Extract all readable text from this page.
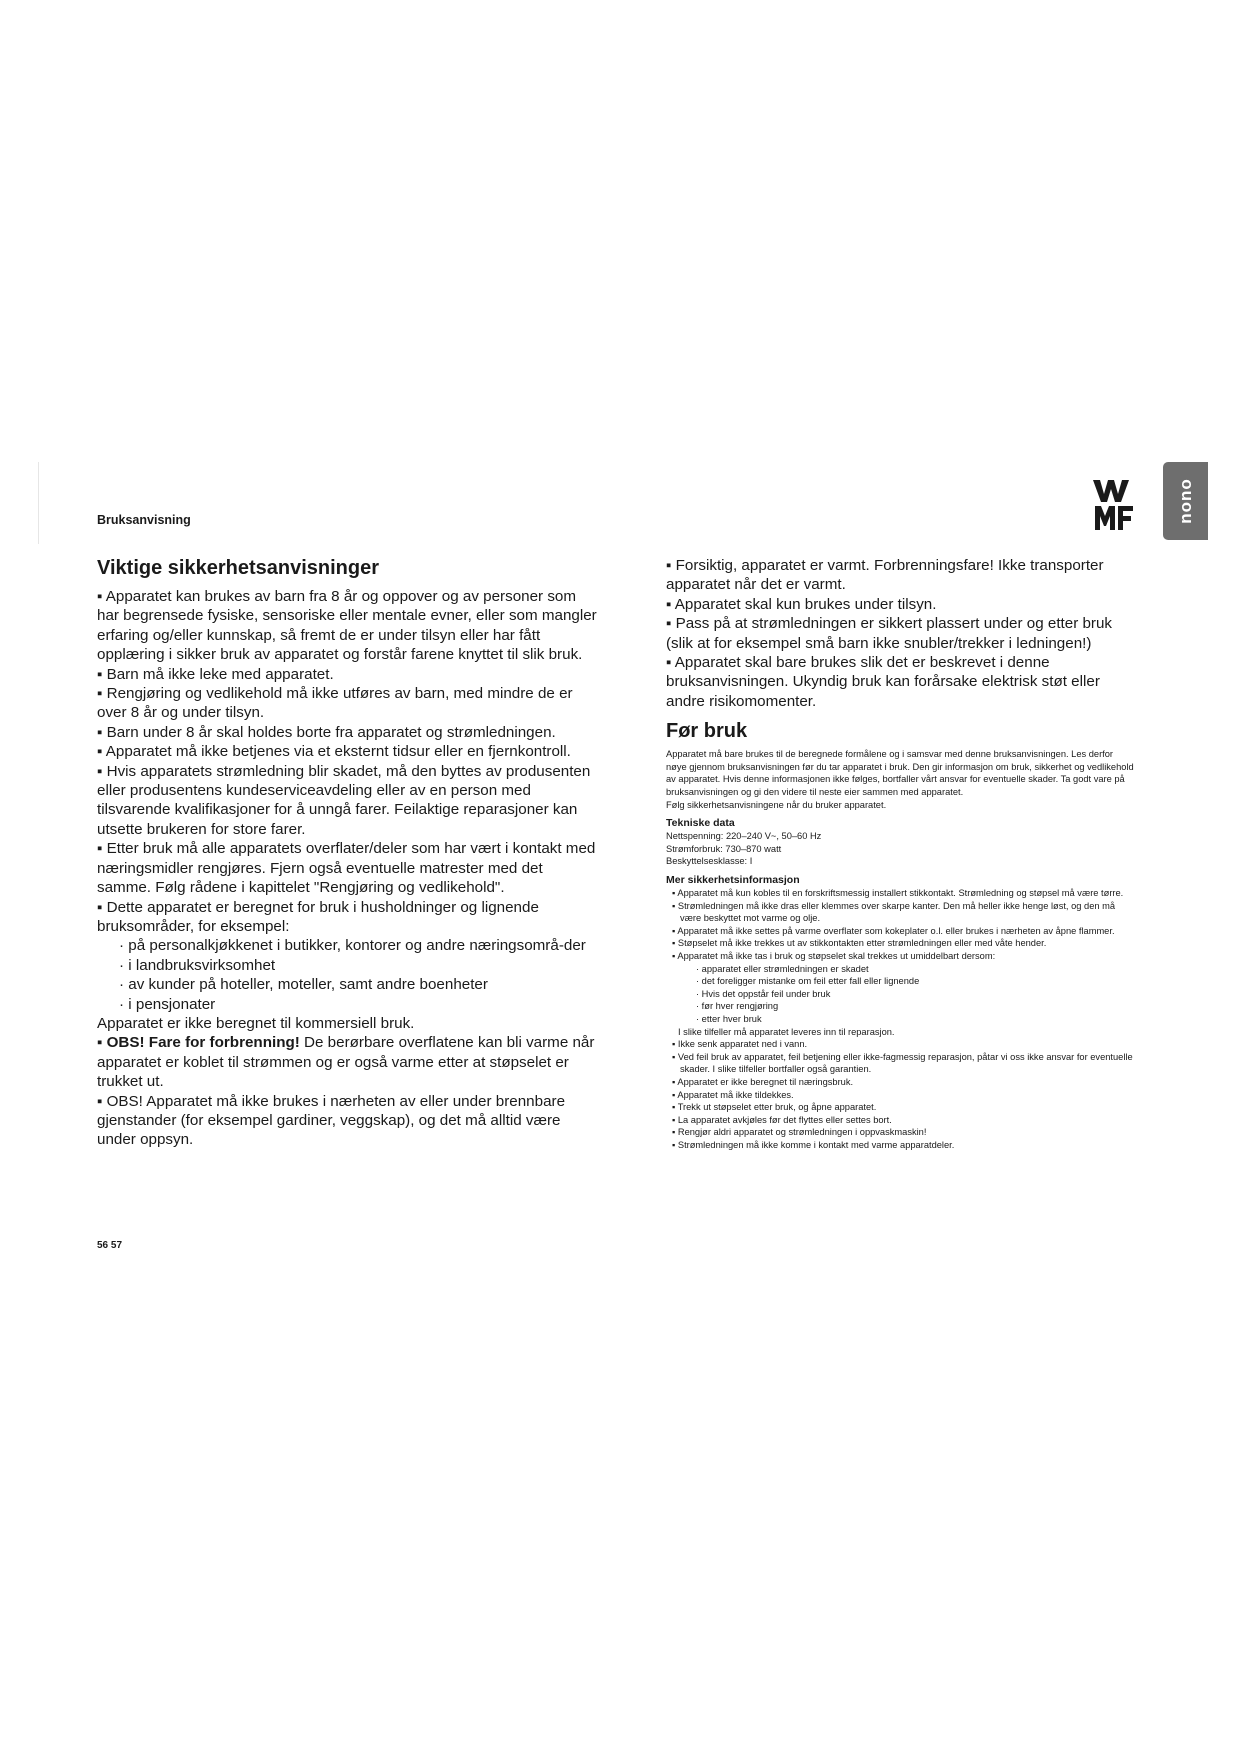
Bruksanvisning	nono
Viktige sikkerhetsanvisninger

▪ Apparatet kan brukes av barn fra 8 år og oppover og av personer som har begrensede fysiske, sensoriske eller mentale evner, eller som mangler erfaring og/eller kunnskap, så fremt de er under tilsyn eller har fått opplæring i sikker bruk av apparatet og forstår farene knyttet til slik bruk.

▪ Barn må ikke leke med apparatet.

▪ Rengjøring og vedlikehold må ikke utføres av barn, med mindre de er over 8 år og under tilsyn.

▪ Barn under 8 år skal holdes borte fra apparatet og strømledningen.

▪ Apparatet må ikke betjenes via et eksternt tidsur eller en fjernkontroll.

▪ Hvis apparatets strømledning blir skadet, må den byttes av produsenten eller produsentens kundeserviceavdeling eller av en person med tilsvarende kvalifikasjoner for å unngå farer. Feilaktige reparasjoner kan utsette brukeren for store farer.

▪ Etter bruk må alle apparatets overflater/deler som har vært i kontakt med næringsmidler rengjøres. Fjern også eventuelle matrester med det samme. Følg rådene i kapittelet "Rengjøring og vedlikehold".

▪ Dette apparatet er beregnet for bruk i husholdninger og lignende bruksområder, for eksempel:

· på personalkjøkkenet i butikker, kontorer og andre næringsområ-der

· i landbruksvirksomhet

· av kunder på hoteller, moteller, samt andre boenheter

· i pensjonater

Apparatet er ikke beregnet til kommersiell bruk.

▪ OBS! Fare for forbrenning! De berørbare overflatene kan bli varme når apparatet er koblet til strømmen og er også varme etter at støpselet er trukket ut.

▪ OBS! Apparatet må ikke brukes i nærheten av eller under brennbare gjenstander (for eksempel gardiner, veggskap), og det må alltid være under oppsyn.

▪ Forsiktig, apparatet er varmt. Forbrenningsfare! Ikke transporter apparatet når det er varmt.

▪ Apparatet skal kun brukes under tilsyn.

▪ Pass på at strømledningen er sikkert plassert under og etter bruk (slik at for eksempel små barn ikke snubler/trekker i ledningen!)

▪ Apparatet skal bare brukes slik det er beskrevet i denne bruksanvisningen. Ukyndig bruk kan forårsake elektrisk støt eller andre risikomomenter.

Før bruk

Apparatet må bare brukes til de beregnede formålene og i samsvar med denne bruksanvisningen. Les derfor nøye gjennom bruksanvisningen før du tar apparatet i bruk. Den gir informasjon om bruk, sikkerhet og vedlikehold av apparatet. Hvis denne informasjonen ikke følges, bortfaller vårt ansvar for eventuelle skader. Ta godt vare på bruksanvisningen og gi den videre til neste eier sammen med apparatet.

Følg sikkerhetsanvisningene når du bruker apparatet.

Tekniske data

Nettspenning: 220–240 V~, 50–60 Hz

Strømforbruk: 730–870 watt

Beskyttelsesklasse: I

Mer sikkerhetsinformasjon

▪ Apparatet må kun kobles til en forskriftsmessig installert stikkontakt. Strømledning og støpsel må være tørre.

▪ Strømledningen må ikke dras eller klemmes over skarpe kanter. Den må heller ikke henge løst, og den må være beskyttet mot varme og olje.

▪ Apparatet må ikke settes på varme overflater som kokeplater o.l. eller brukes i nærheten av åpne flammer.

▪ Støpselet må ikke trekkes ut av stikkontakten etter strømledningen eller med våte hender.

▪ Apparatet må ikke tas i bruk og støpselet skal trekkes ut umiddelbart dersom:

· apparatet eller strømledningen er skadet

· det foreligger mistanke om feil etter fall eller lignende

· Hvis det oppstår feil under bruk

· før hver rengjøring

· etter hver bruk

I slike tilfeller må apparatet leveres inn til reparasjon.

▪ Ikke senk apparatet ned i vann.

▪ Ved feil bruk av apparatet, feil betjening eller ikke-fagmessig reparasjon, påtar vi oss ikke ansvar for eventuelle skader. I slike tilfeller bortfaller også garantien.

▪ Apparatet er ikke beregnet til næringsbruk.

▪ Apparatet må ikke tildekkes.

▪ Trekk ut støpselet etter bruk, og åpne apparatet.

▪ La apparatet avkjøles før det flyttes eller settes bort.

▪ Rengjør aldri apparatet og strømledningen i oppvaskmaskin!

▪ Strømledningen må ikke komme i kontakt med varme apparatdeler.

56 57
